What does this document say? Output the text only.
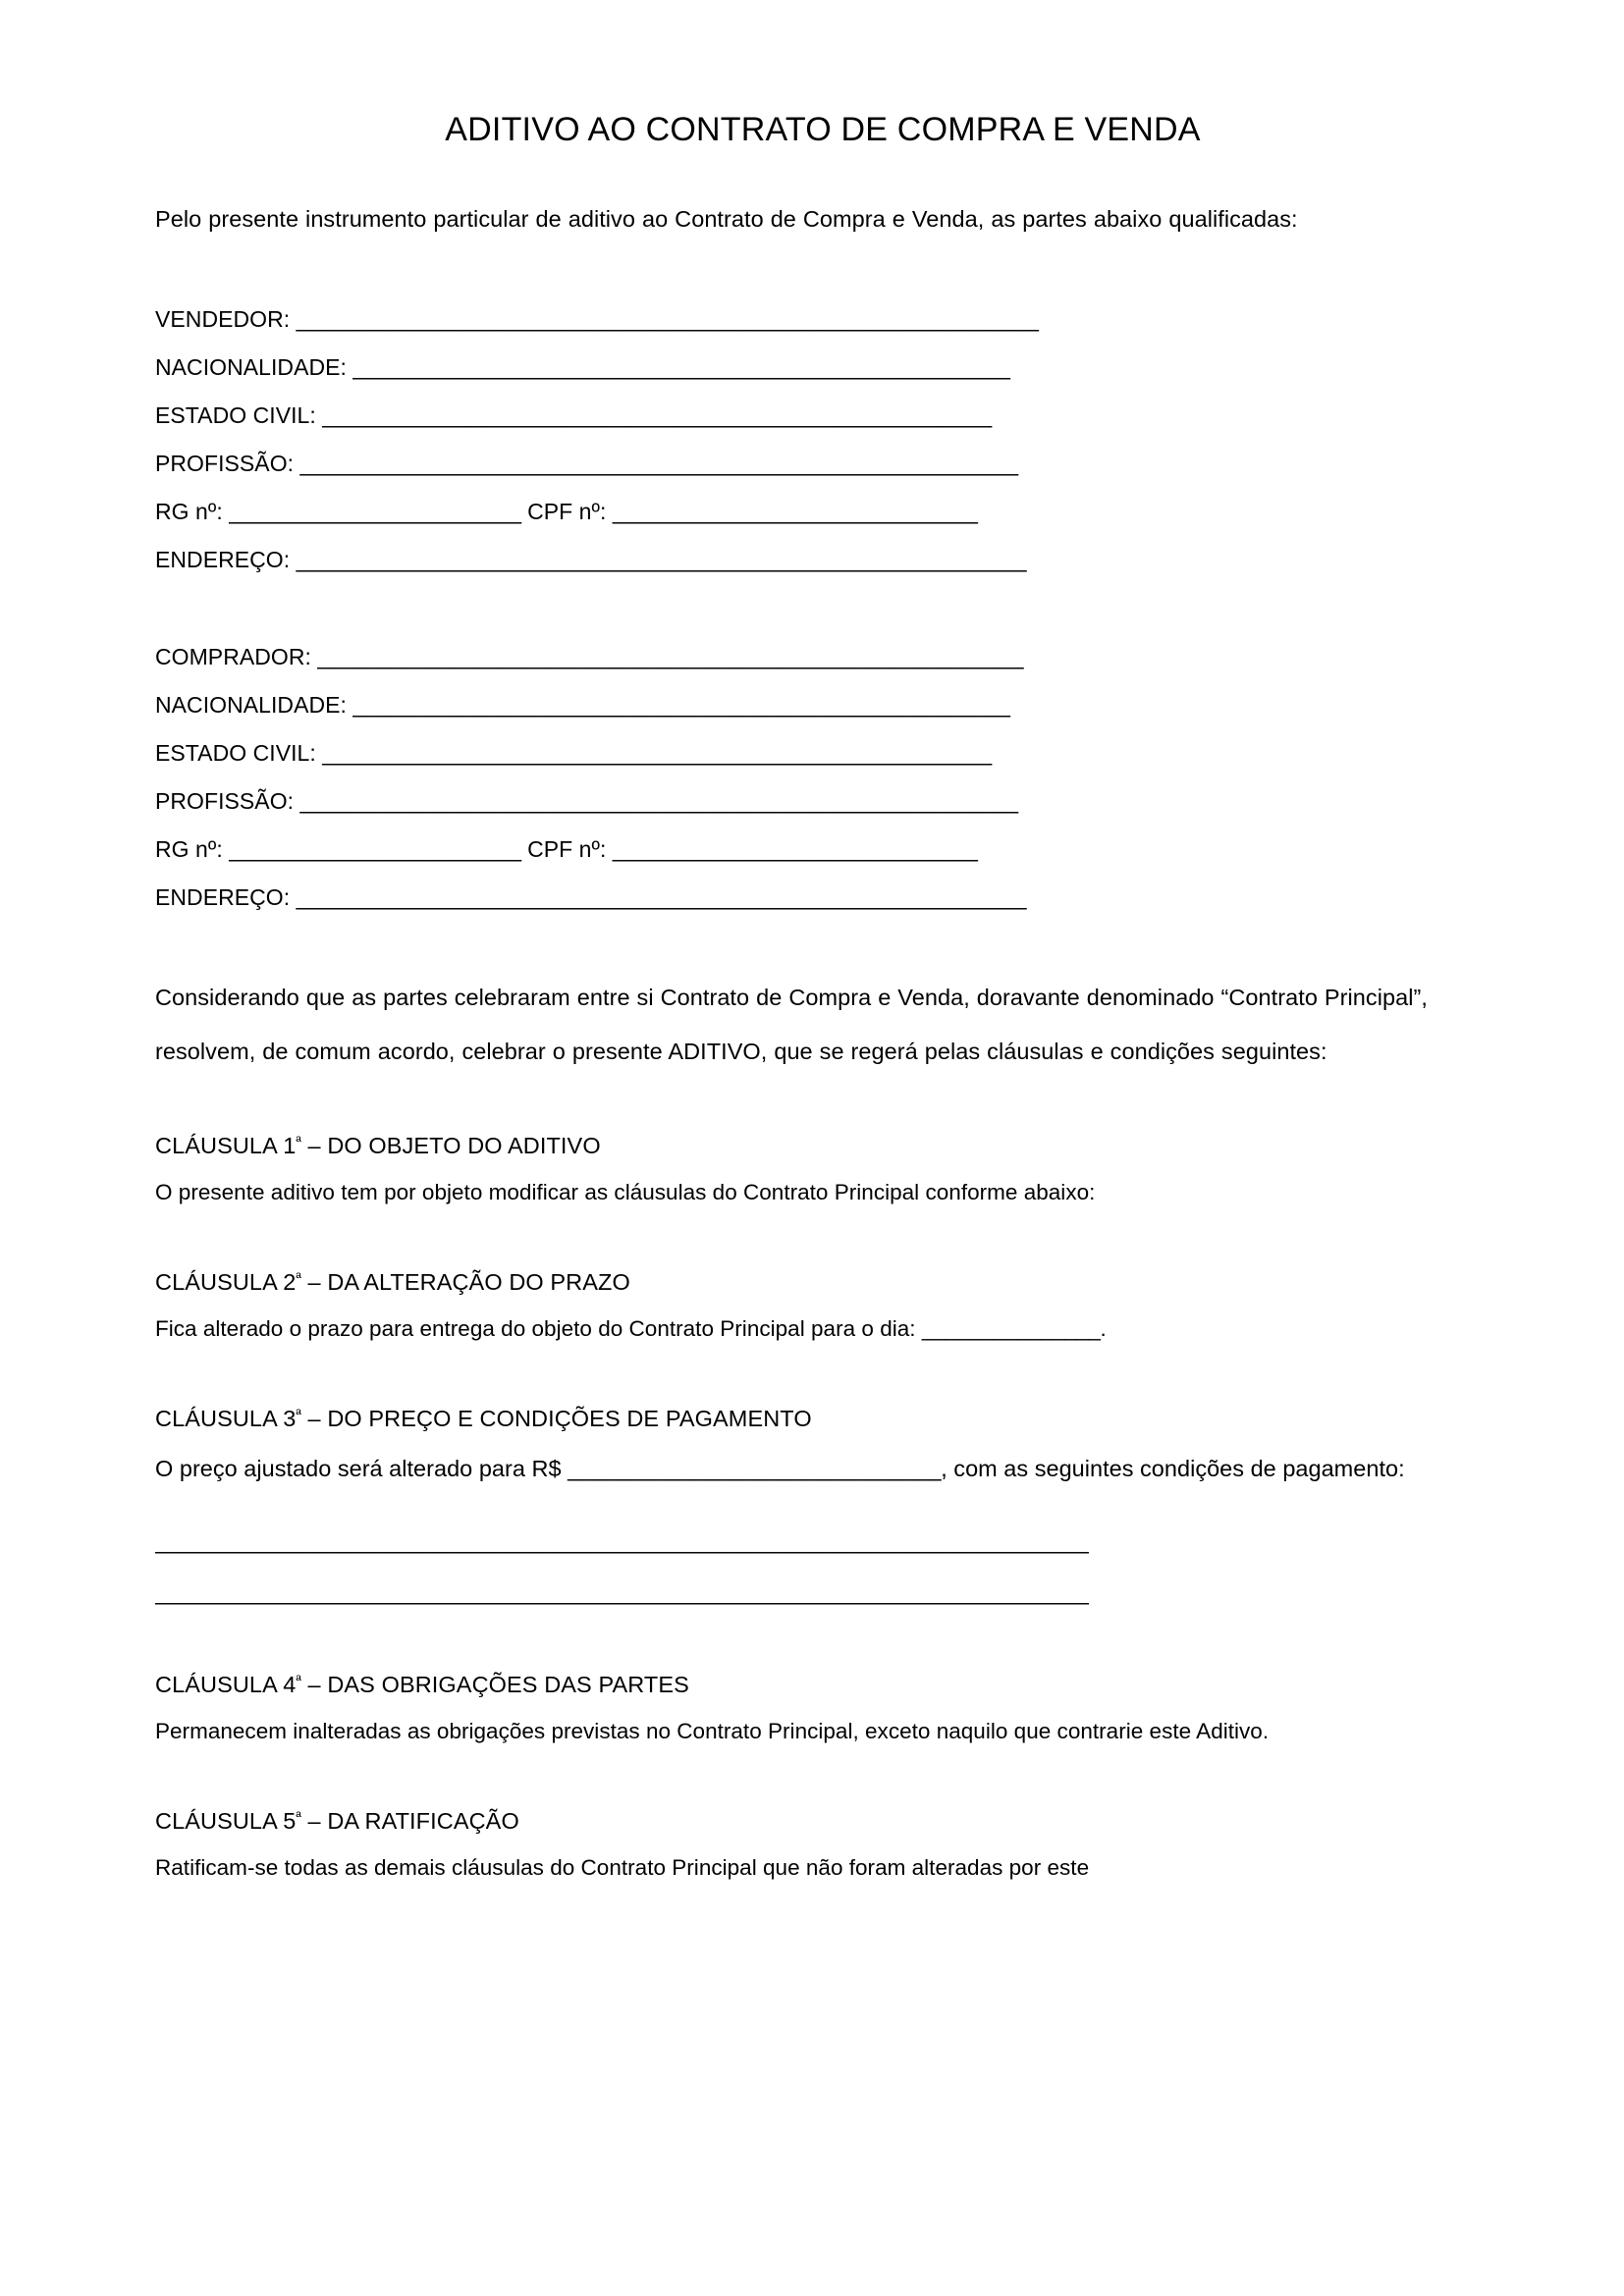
ADITIVO AO CONTRATO DE COMPRA E VENDA

Pelo presente instrumento particular de aditivo ao Contrato de Compra e Venda, as partes abaixo qualificadas:

VENDEDOR: _____________________________________________________________
NACIONALIDADE: ______________________________________________________
ESTADO CIVIL: _______________________________________________________
PROFISSÃO: ___________________________________________________________
RG nº: ________________________ CPF nº: ______________________________
ENDEREÇO: ____________________________________________________________
COMPRADOR: __________________________________________________________
NACIONALIDADE: ______________________________________________________
ESTADO CIVIL: _______________________________________________________
PROFISSÃO: ___________________________________________________________
RG nº: ________________________ CPF nº: ______________________________
ENDEREÇO: ____________________________________________________________

Considerando que as partes celebraram entre si Contrato de Compra e Venda, doravante denominado “Contrato Principal”,

resolvem, de comum acordo, celebrar o presente ADITIVO, que se regerá pelas cláusulas e condições seguintes:

CLÁUSULA $1^ª$ – DO OBJETO DO ADITIVO

O presente aditivo tem por objeto modificar as cláusulas do Contrato Principal conforme abaixo:

CLÁUSULA $2^ª$ – DA ALTERAÇÃO DO PRAZO

Fica alterado o prazo para entrega do objeto do Contrato Principal para o dia: _______________.

CLÁUSULA $3^ª$ – DO PREÇO E CONDIÇÕES DE PAGAMENTO

O preço ajustado será alterado para R$ ______________________________, com as seguintes condições de pagamento:

_____________________________________________________________________________
_____________________________________________________________________________
CLÁUSULA $4^ª$ – DAS OBRIGAÇÕES DAS PARTES

Permanecem inalteradas as obrigações previstas no Contrato Principal, exceto naquilo que contrarie este Aditivo.

CLÁUSULA $5^ª$ – DA RATIFICAÇÃO

Ratificam-se todas as demais cláusulas do Contrato Principal que não foram alteradas por este
